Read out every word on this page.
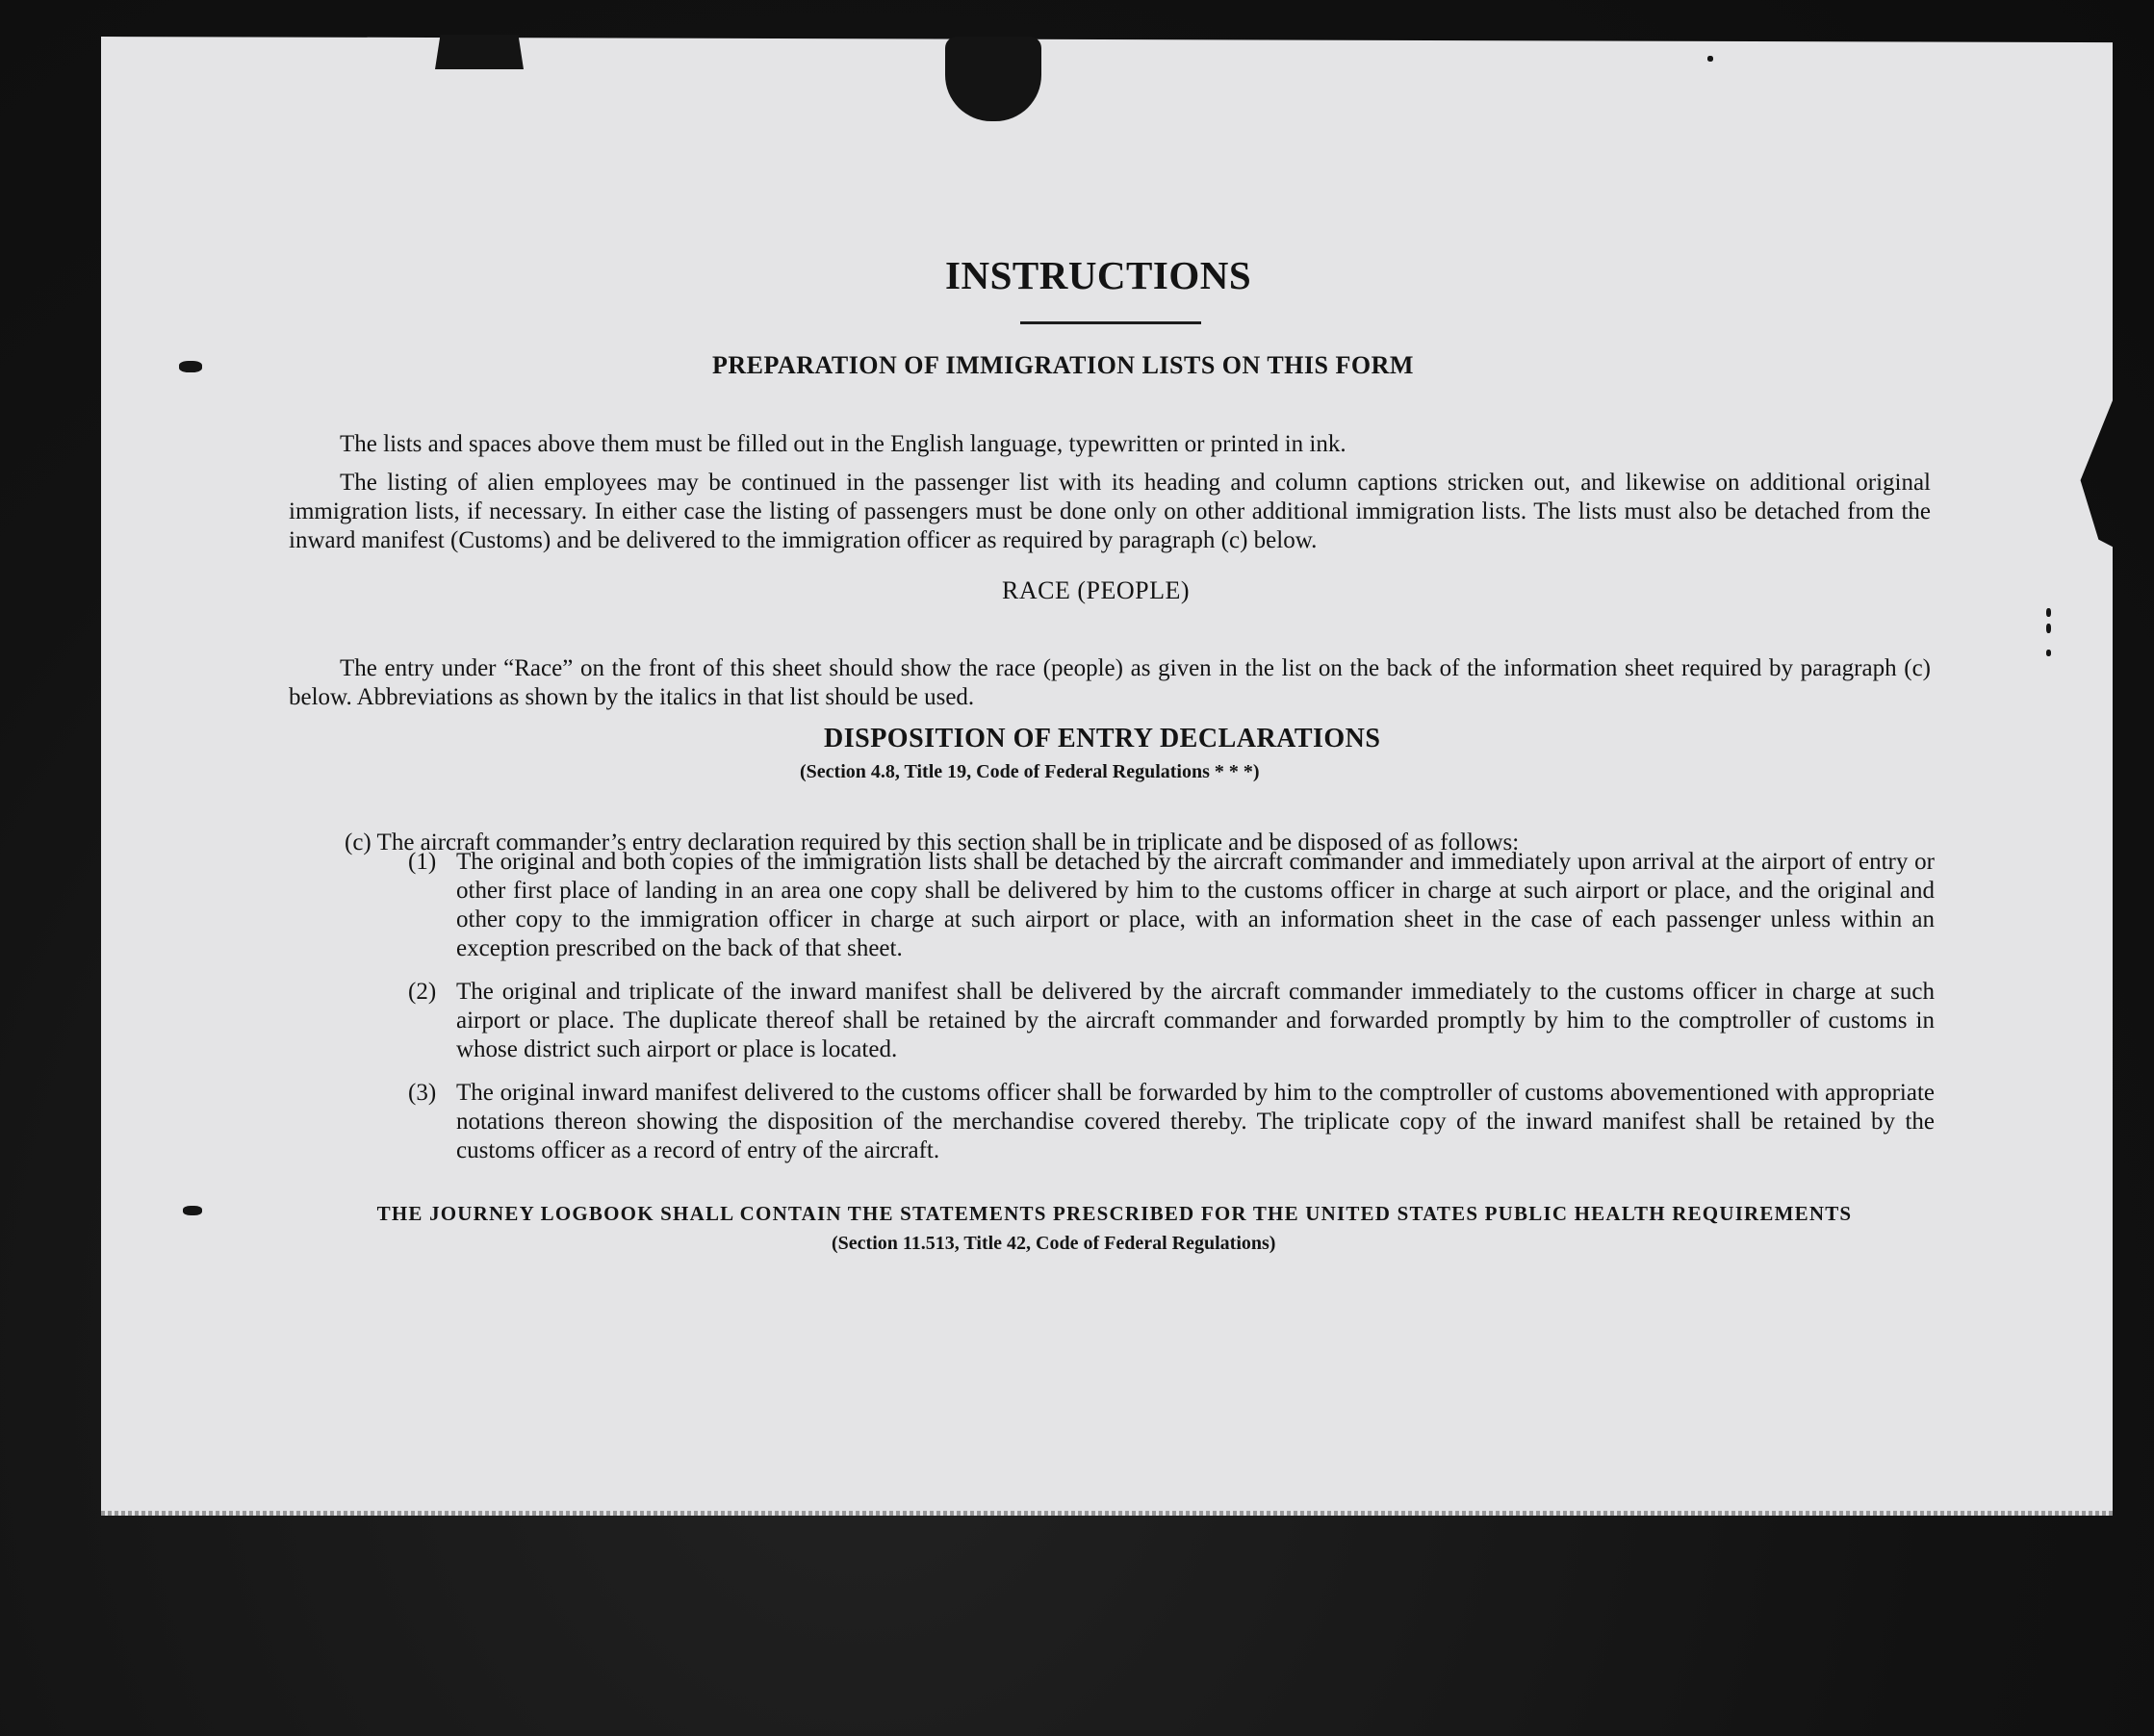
INSTRUCTIONS
PREPARATION OF IMMIGRATION LISTS ON THIS FORM

The lists and spaces above them must be filled out in the English language, typewritten or printed in ink.

The listing of alien employees may be continued in the passenger list with its heading and column captions stricken out, and likewise on additional original immigration lists, if necessary. In either case the listing of passengers must be done only on other additional immigration lists. The lists must also be detached from the inward manifest (Customs) and be delivered to the immigration officer as required by paragraph (c) below.

RACE (PEOPLE)

The entry under “Race” on the front of this sheet should show the race (people) as given in the list on the back of the information sheet required by paragraph (c) below. Abbreviations as shown by the italics in that list should be used.

DISPOSITION OF ENTRY DECLARATIONS
(Section 4.8, Title 19, Code of Federal Regulations * * *)

(c) The aircraft commander’s entry declaration required by this section shall be in triplicate and be disposed of as follows:

(1) The original and both copies of the immigration lists shall be detached by the aircraft commander and immediately upon arrival at the airport of entry or other first place of landing in an area one copy shall be delivered by him to the customs officer in charge at such airport or place, and the original and other copy to the immigration officer in charge at such airport or place, with an information sheet in the case of each passenger unless within an exception prescribed on the back of that sheet.
(2) The original and triplicate of the inward manifest shall be delivered by the aircraft commander immediately to the customs officer in charge at such airport or place. The duplicate thereof shall be retained by the aircraft commander and forwarded promptly by him to the comptroller of customs in whose district such airport or place is located.
(3) The original inward manifest delivered to the customs officer shall be forwarded by him to the comptroller of customs abovementioned with appropriate notations thereon showing the disposition of the merchandise covered thereby. The triplicate copy of the inward manifest shall be retained by the customs officer as a record of entry of the aircraft.
THE JOURNEY LOGBOOK SHALL CONTAIN THE STATEMENTS PRESCRIBED FOR THE UNITED STATES PUBLIC HEALTH REQUIREMENTS
(Section 11.513, Title 42, Code of Federal Regulations)
